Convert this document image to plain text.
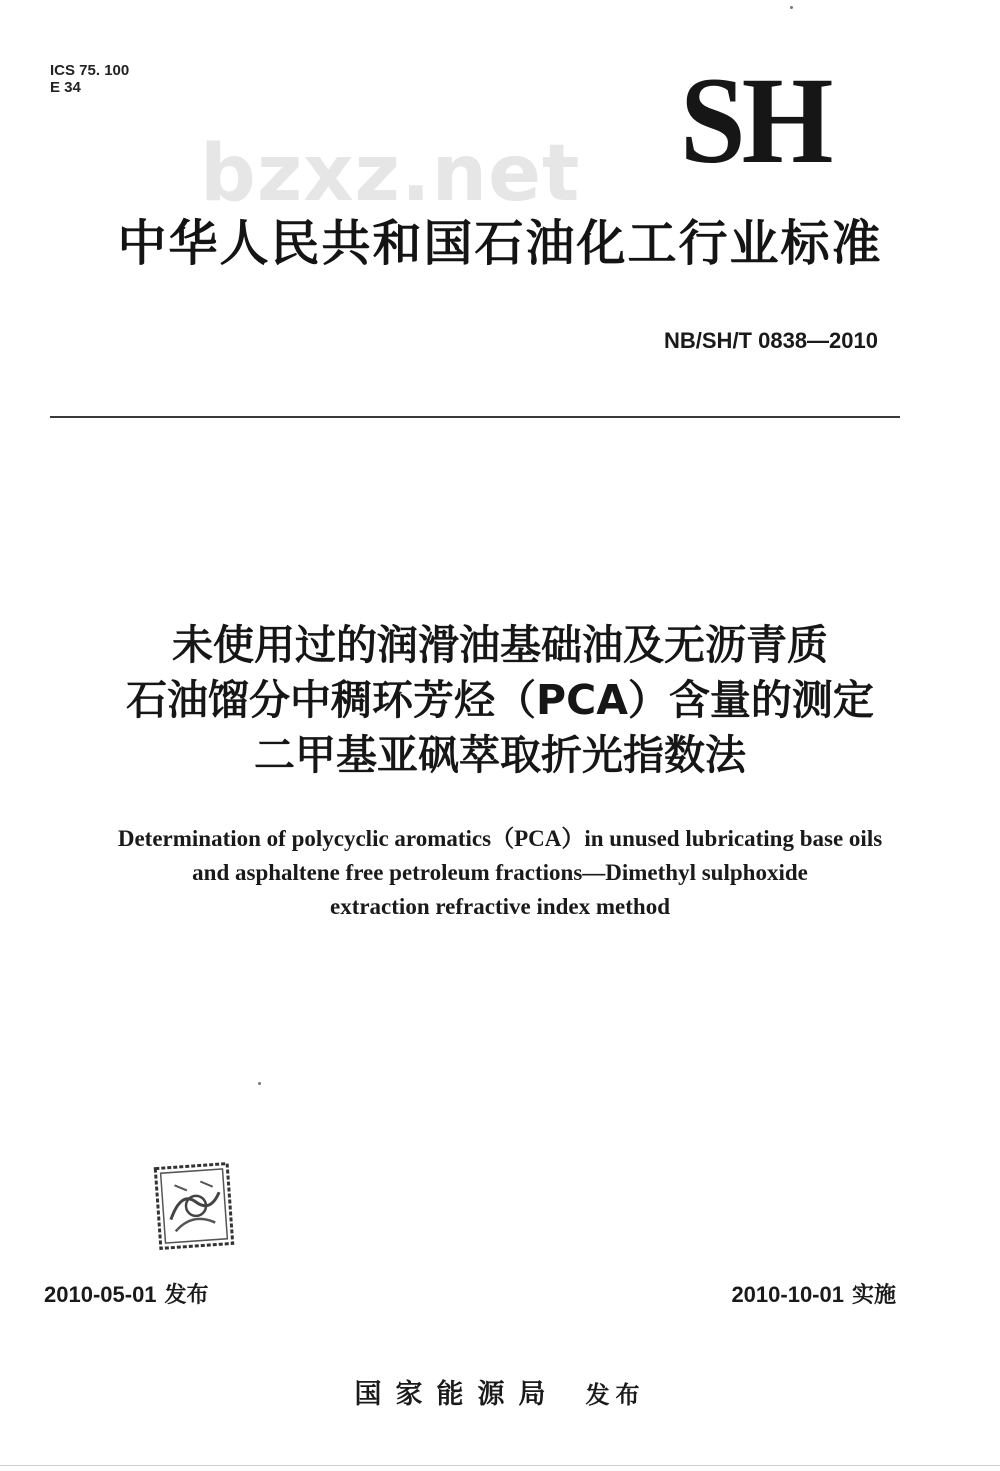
ICS 75. 100
E 34
bzxz.net SH
中华人民共和国石油化工行业标准
NB/SH/T 0838—2010
未使用过的润滑油基础油及无沥青质
石油馏分中稠环芳烃（PCA）含量的测定
二甲基亚砜萃取折光指数法
Determination of polycyclic aromatics（PCA）in unused lubricating base oils
and asphaltene free petroleum fractions—Dimethyl sulphoxide
extraction refractive index method
2010-05-01 发布	2010-10-01 实施
国家能源局 发布
